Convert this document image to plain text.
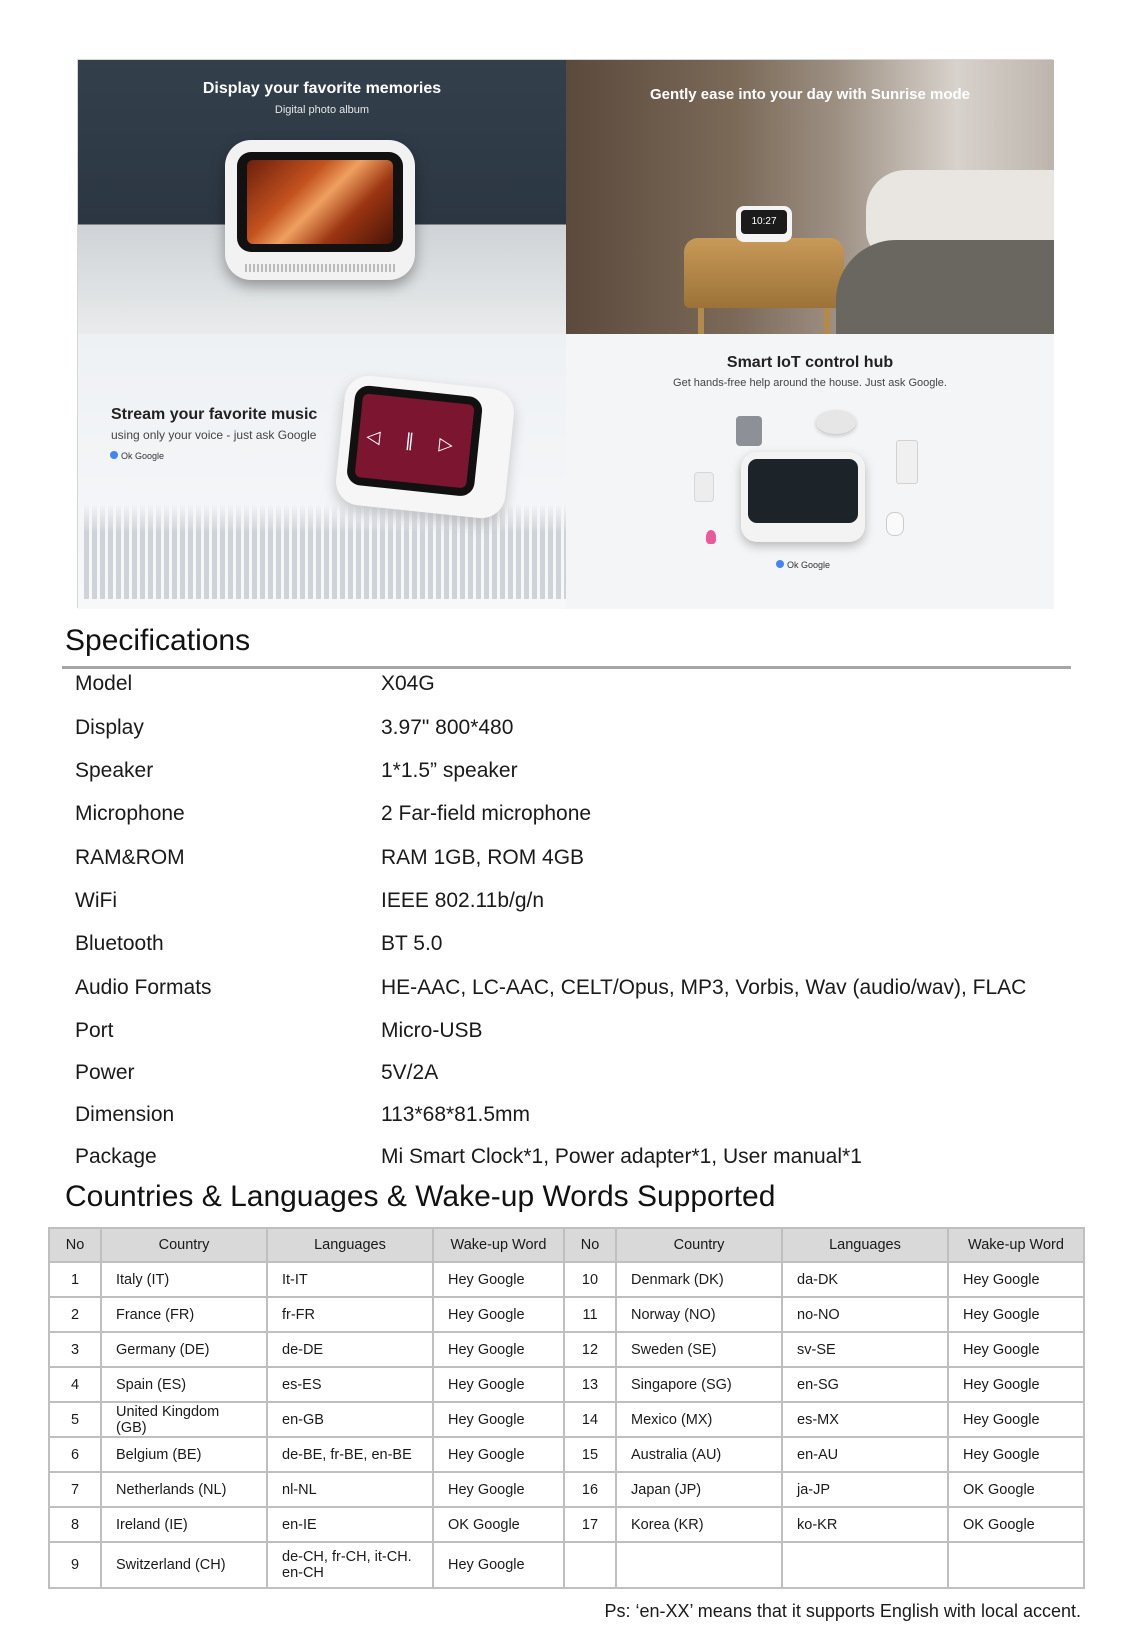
Display your favorite memories
Digital photo album
Gently ease into your day with Sunrise mode
10:27
Stream your favorite music
using only your voice - just ask Google
Ok Google
◁ ∥ ▷
Smart IoT control hub
Get hands-free help around the house. Just ask Google.
Ok Google
Specifications
Model	X04G
Display	3.97" 800*480
Speaker	1*1.5” speaker
Microphone	2 Far-field microphone
RAM&ROM	RAM 1GB, ROM 4GB
WiFi	IEEE 802.11b/g/n
Bluetooth	BT 5.0
Audio Formats	HE-AAC, LC-AAC, CELT/Opus, MP3, Vorbis, Wav (audio/wav), FLAC
Port	Micro-USB
Power	5V/2A
Dimension	113*68*81.5mm
Package	Mi Smart Clock*1, Power adapter*1, User manual*1
Countries & Languages & Wake-up Words Supported
No	Country	Languages	Wake-up Word	No	Country	Languages	Wake-up Word
1	Italy (IT)	It-IT	Hey Google	10	Denmark (DK)	da-DK	Hey Google
2	France (FR)	fr-FR	Hey Google	11	Norway (NO)	no-NO	Hey Google
3	Germany (DE)	de-DE	Hey Google	12	Sweden (SE)	sv-SE	Hey Google
4	Spain (ES)	es-ES	Hey Google	13	Singapore (SG)	en-SG	Hey Google
5	United Kingdom (GB)	en-GB	Hey Google	14	Mexico (MX)	es-MX	Hey Google
6	Belgium (BE)	de-BE, fr-BE, en-BE	Hey Google	15	Australia (AU)	en-AU	Hey Google
7	Netherlands (NL)	nl-NL	Hey Google	16	Japan (JP)	ja-JP	OK Google
8	Ireland (IE)	en-IE	OK Google	17	Korea (KR)	ko-KR	OK Google
9	Switzerland (CH)	de-CH, fr-CH, it-CH. en-CH	Hey Google				
Ps: ‘en-XX’ means that it supports English with local accent.
